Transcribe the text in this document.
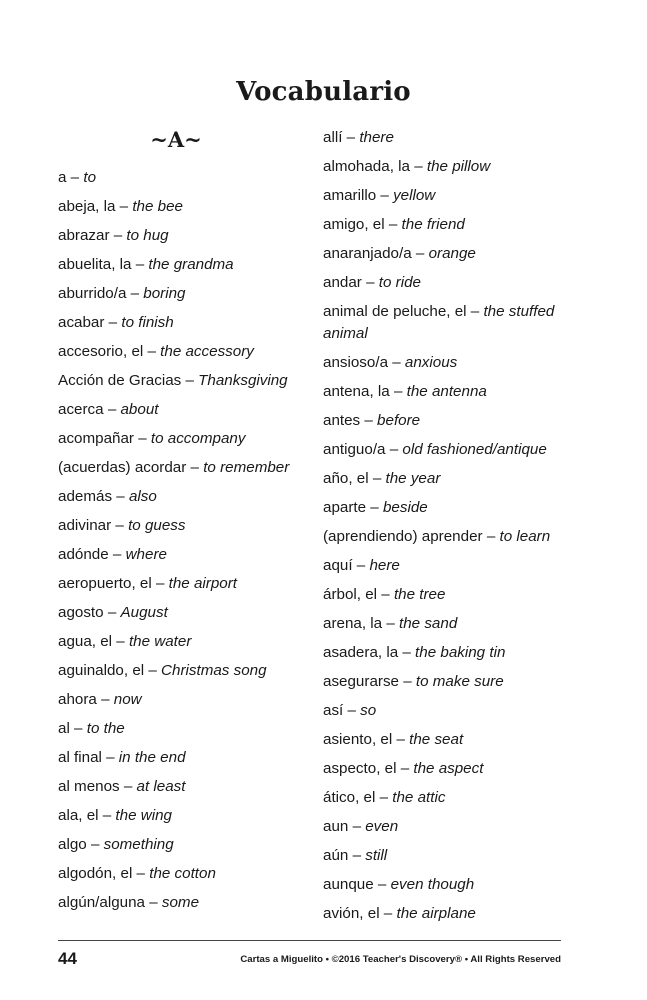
Vocabulario
~A~
a – to
abeja, la – the bee
abrazar – to hug
abuelita, la – the grandma
aburrido/a – boring
acabar – to finish
accesorio, el – the accessory
Acción de Gracias – Thanksgiving
acerca – about
acompañar – to accompany
(acuerdas) acordar – to remember
además – also
adivinar – to guess
adónde – where
aeropuerto, el – the airport
agosto – August
agua, el – the water
aguinaldo, el – Christmas song
ahora – now
al – to the
al final – in the end
al menos – at least
ala, el – the wing
algo – something
algodón, el – the cotton
algún/alguna – some
allí – there
almohada, la – the pillow
amarillo – yellow
amigo, el – the friend
anaranjado/a – orange
andar – to ride
animal de peluche, el – the stuffed animal
ansioso/a – anxious
antena, la – the antenna
antes – before
antiguo/a – old fashioned/antique
año, el – the year
aparte – beside
(aprendiendo) aprender – to learn
aquí – here
árbol, el – the tree
arena, la – the sand
asadera, la – the baking tin
asegurarse – to make sure
así – so
asiento, el – the seat
aspecto, el – the aspect
ático, el – the attic
aun – even
aún – still
aunque – even though
avión, el – the airplane
44	Cartas a Miguelito • ©2016 Teacher's Discovery® • All Rights Reserved
